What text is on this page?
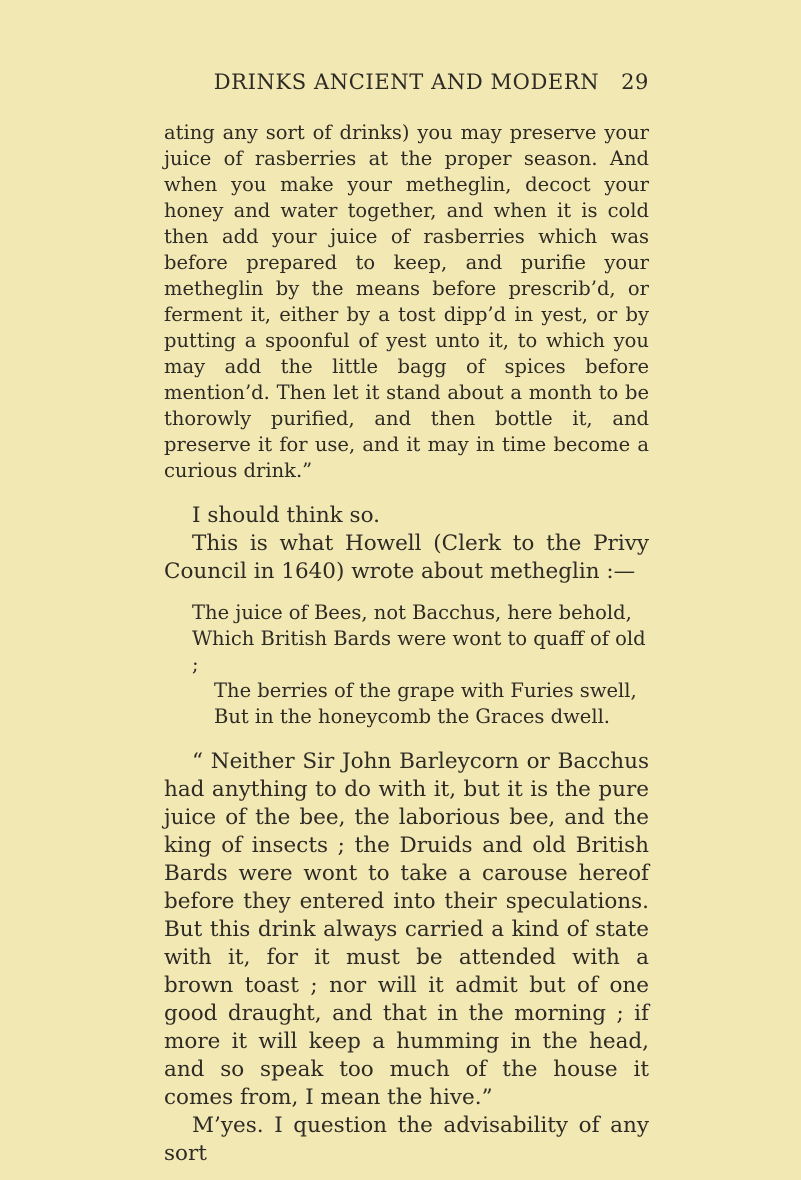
DRINKS ANCIENT AND MODERN 29

ating any sort of drinks) you may preserve your juice of rasberries at the proper season. And when you make your metheglin, decoct your honey and water together, and when it is cold then add your juice of rasberries which was before prepared to keep, and purifie your metheglin by the means before prescrib’d, or ferment it, either by a tost dipp’d in yest, or by putting a spoonful of yest unto it, to which you may add the little bagg of spices before mention’d. Then let it stand about a month to be thorowly purified, and then bottle it, and preserve it for use, and it may in time become a curious drink.”

I should think so.

This is what Howell (Clerk to the Privy Council in 1640) wrote about metheglin :—

The juice of Bees, not Bacchus, here behold,
Which British Bards were wont to quaff of old ;
The berries of the grape with Furies swell,
But in the honeycomb the Graces dwell.

“ Neither Sir John Barleycorn or Bacchus had anything to do with it, but it is the pure juice of the bee, the laborious bee, and the king of insects ; the Druids and old British Bards were wont to take a carouse hereof before they entered into their speculations. But this drink always carried a kind of state with it, for it must be attended with a brown toast ; nor will it admit but of one good draught, and that in the morning ; if more it will keep a humming in the head, and so speak too much of the house it comes from, I mean the hive.”

M’yes. I question the advisability of any sort
